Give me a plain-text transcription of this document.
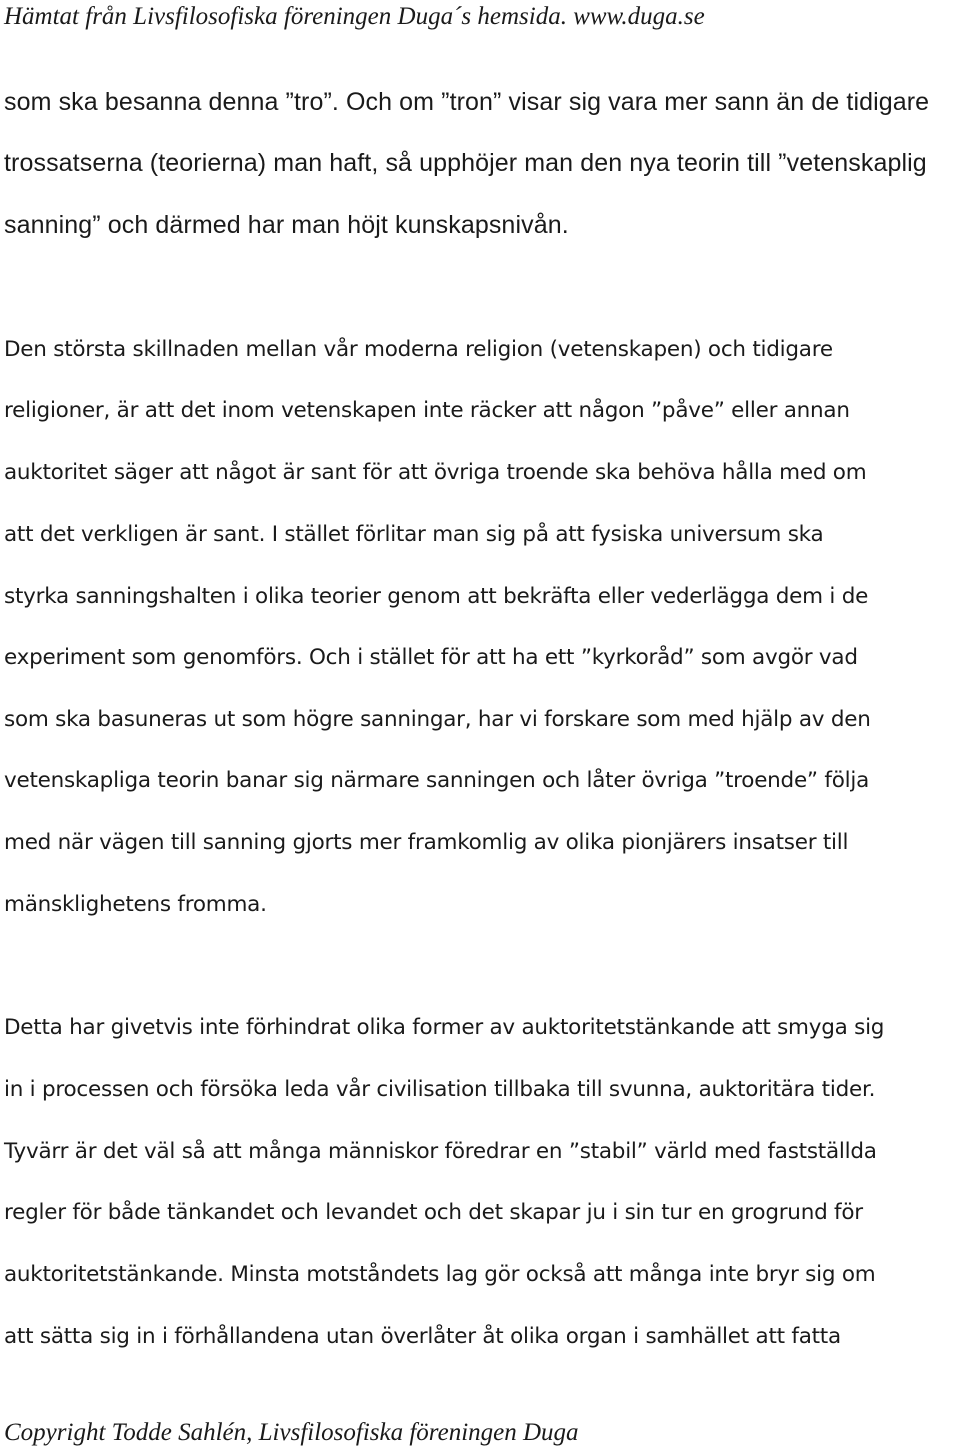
Hämtat från Livsfilosofiska föreningen Duga´s hemsida. www.duga.se
som ska besanna denna ”tro”. Och om ”tron” visar sig vara mer sann än de tidigare
trossatserna (teorierna) man haft, så upphöjer man den nya teorin till ”vetenskaplig
sanning” och därmed har man höjt kunskapsnivån.
Den största skillnaden mellan vår moderna religion (vetenskapen) och tidigare
religioner, är att det inom vetenskapen inte räcker att någon ”påve” eller annan
auktoritet säger att något är sant för att övriga troende ska behöva hålla med om
att det verkligen är sant. I stället förlitar man sig på att fysiska universum ska
styrka sanningshalten i olika teorier genom att bekräfta eller vederlägga dem i de
experiment som genomförs. Och i stället för att ha ett ”kyrkoråd” som avgör vad
som ska basuneras ut som högre sanningar, har vi forskare som med hjälp av den
vetenskapliga teorin banar sig närmare sanningen och låter övriga ”troende” följa
med när vägen till sanning gjorts mer framkomlig av olika pionjärers insatser till
mänsklighetens fromma.
Detta har givetvis inte förhindrat olika former av auktoritetstänkande att smyga sig
in i processen och försöka leda vår civilisation tillbaka till svunna, auktoritära tider.
Tyvärr är det väl så att många människor föredrar en ”stabil” värld med fastställda
regler för både tänkandet och levandet och det skapar ju i sin tur en grogrund för
auktoritetstänkande. Minsta motståndets lag gör också att många inte bryr sig om
att sätta sig in i förhållandena utan överlåter åt olika organ i samhället att fatta
Copyright Todde Sahlén, Livsfilosofiska föreningen Duga
